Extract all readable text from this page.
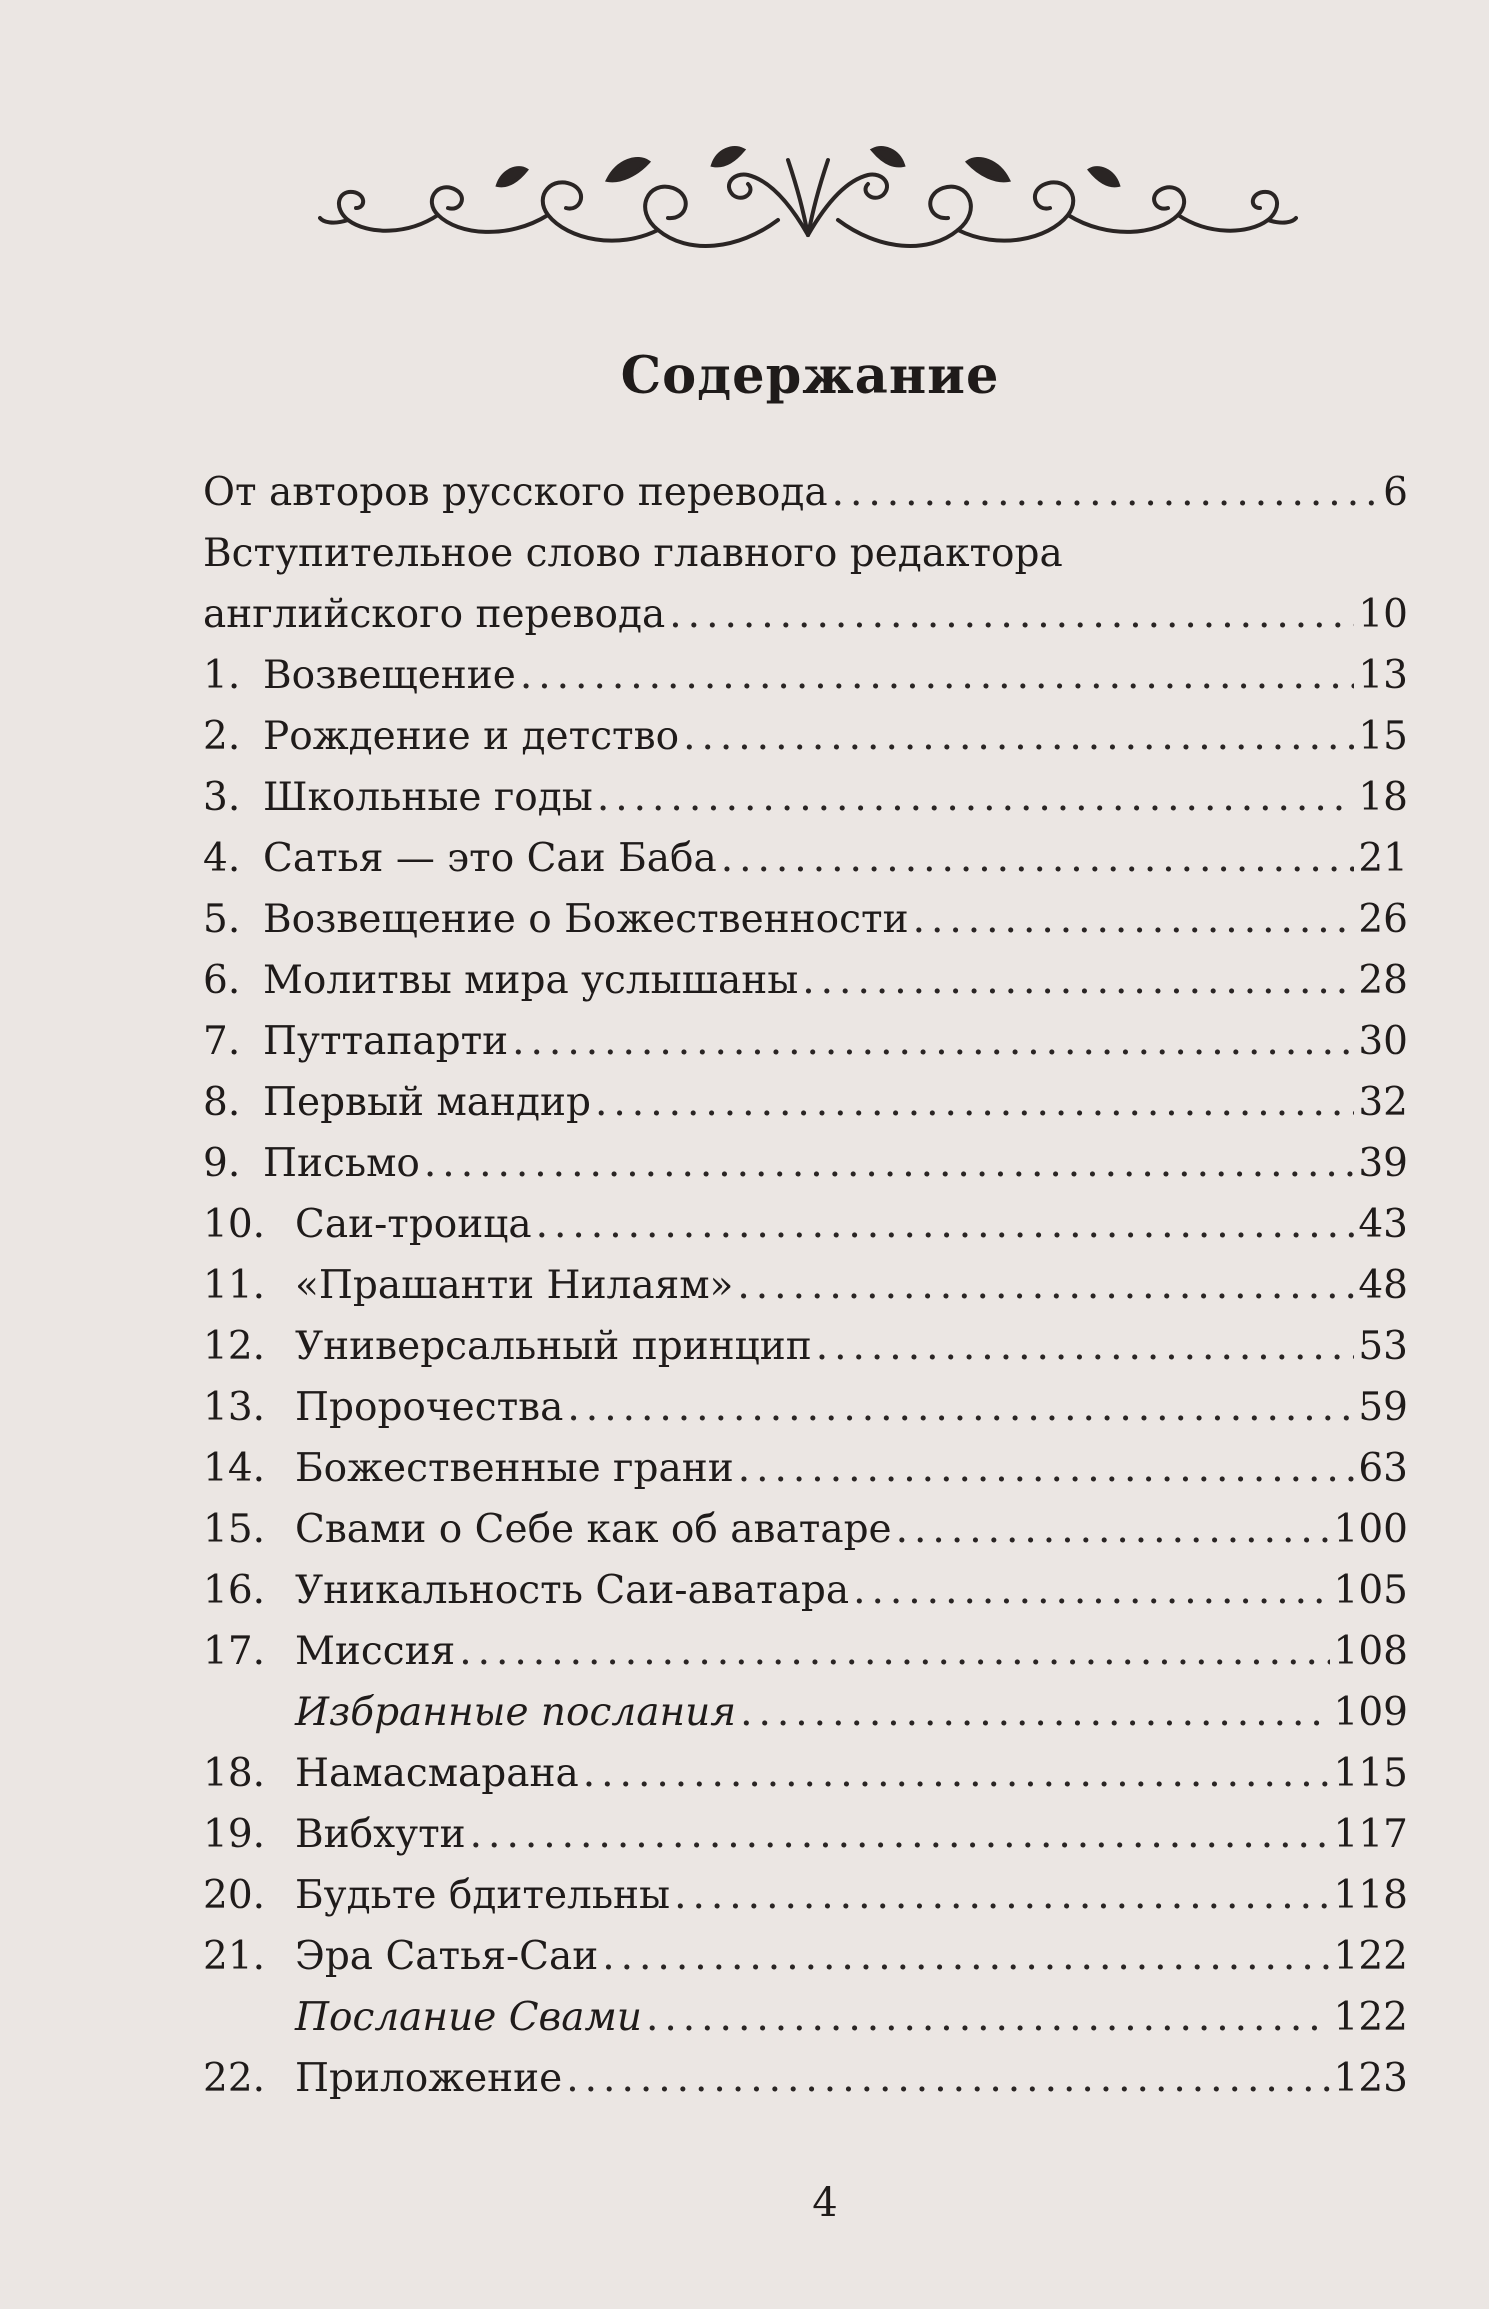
Содержание
От авторов русского перевода .....	6
Вступительное слово главного редактора
английского перевода .....	10
1. Возвещение .....	13
2. Рождение и детство .....	15
3. Школьные годы .....	18
4. Сатья — это Саи Баба .....	21
5. Возвещение о Божественности .....	26
6. Молитвы мира услышаны .....	28
7. Путтапарти .....	30
8. Первый мандир .....	32
9. Письмо .....	39
10. Саи-троица .....	43
11. «Прашанти Нилаям» .....	48
12. Универсальный принцип .....	53
13. Пророчества .....	59
14. Божественные грани .....	63
15. Свами о Себе как об аватаре .....	100
16. Уникальность Саи-аватара .....	105
17. Миссия .....	108
Избранные послания .....	109
18. Намасмарана .....	115
19. Вибхути .....	117
20. Будьте бдительны .....	118
21. Эра Сатья-Саи .....	122
Послание Свами .....	122
22. Приложение .....	123

4
